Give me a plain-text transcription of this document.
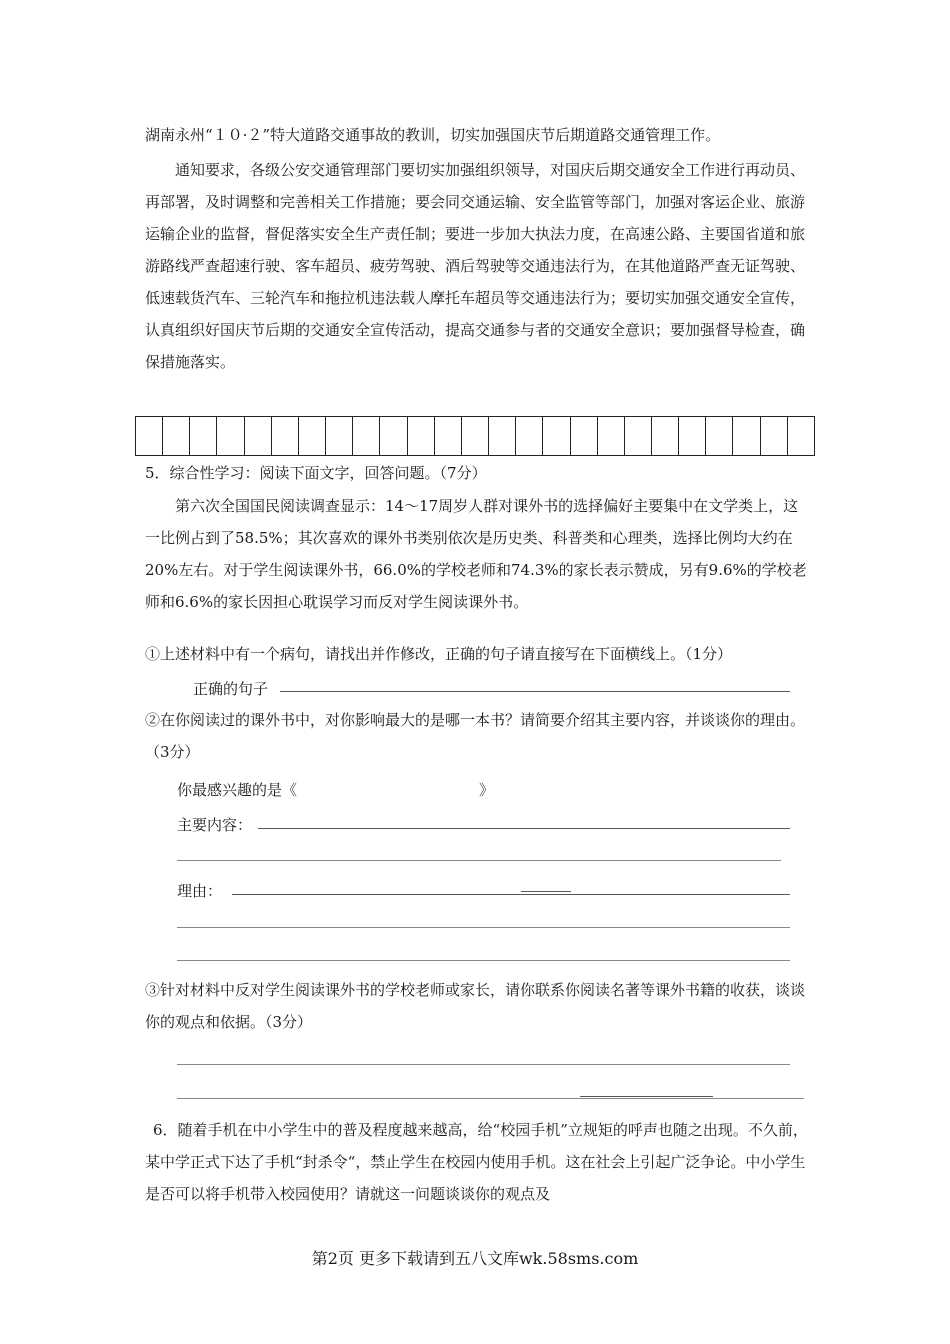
湖南永州“１０·２”特大道路交通事故的教训，切实加强国庆节后期道路交通管理工作。
通知要求，各级公安交通管理部门要切实加强组织领导，对国庆后期交通安全工作进行再动员、再部署，及时调整和完善相关工作措施；要会同交通运输、安全监管等部门，加强对客运企业、旅游运输企业的监督，督促落实安全生产责任制；要进一步加大执法力度，在高速公路、主要国省道和旅游路线严查超速行驶、客车超员、疲劳驾驶、酒后驾驶等交通违法行为，在其他道路严查无证驾驶、低速载货汽车、三轮汽车和拖拉机违法载人摩托车超员等交通违法行为；要切实加强交通安全宣传，认真组织好国庆节后期的交通安全宣传活动，提高交通参与者的交通安全意识；要加强督导检查，确保措施落实。
5．综合性学习：阅读下面文字，回答问题。（7分）
第六次全国国民阅读调查显示：14～17周岁人群对课外书的选择偏好主要集中在文学类上，这一比例占到了58.5%；其次喜欢的课外书类别依次是历史类、科普类和心理类，选择比例均大约在20%左右。对于学生阅读课外书，66.0%的学校老师和74.3%的家长表示赞成，另有9.6%的学校老师和6.6%的家长因担心耽误学习而反对学生阅读课外书。
①上述材料中有一个病句，请找出并作修改，正确的句子请直接写在下面横线上。（1分）
正确的句子
②在你阅读过的课外书中，对你影响最大的是哪一本书？请简要介绍其主要内容，并谈谈你的理由。（3分）
你最感兴趣的是《	》
主要内容：
理由：
③针对材料中反对学生阅读课外书的学校老师或家长，请你联系你阅读名著等课外书籍的收获，谈谈你的观点和依据。（3分）
6．随着手机在中小学生中的普及程度越来越高，给“校园手机”立规矩的呼声也随之出现。不久前，某中学正式下达了手机“封杀令“，禁止学生在校园内使用手机。这在社会上引起广泛争论。中小学生是否可以将手机带入校园使用？请就这一问题谈谈你的观点及
第2页 更多下载请到五八文库wk.58sms.com
